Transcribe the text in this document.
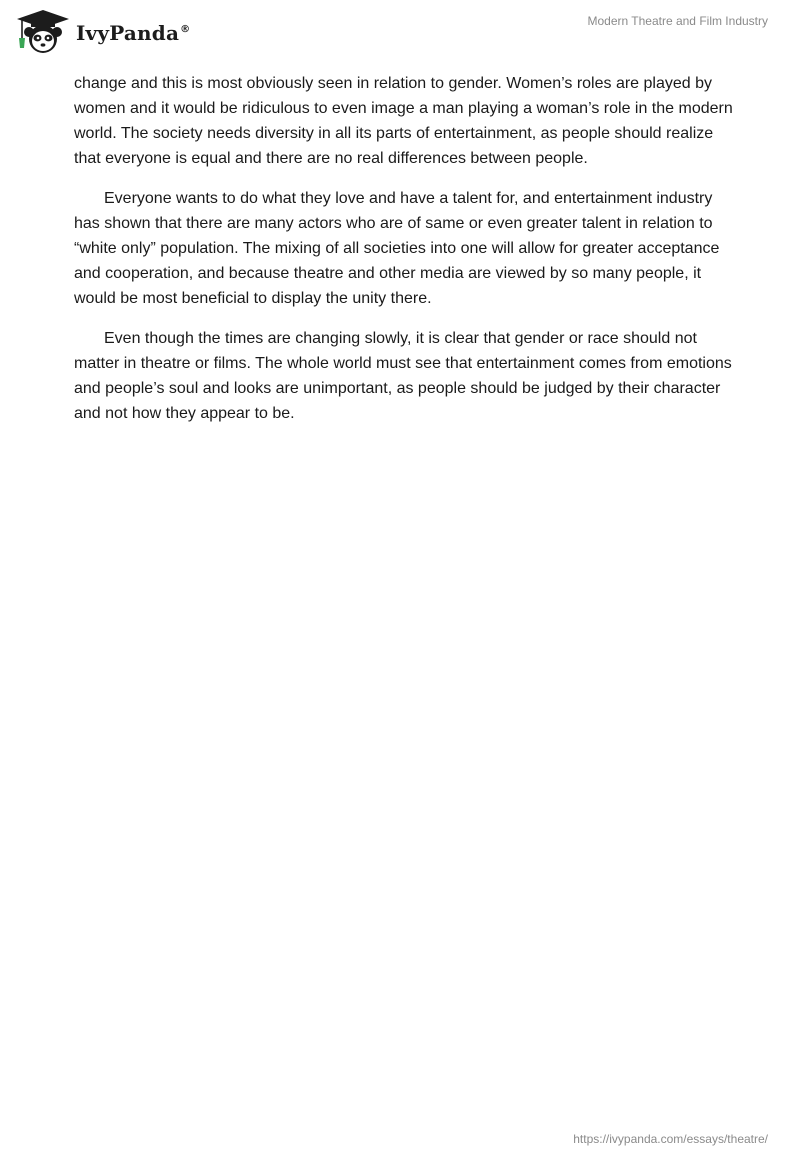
IvyPanda®
Modern Theatre and Film Industry

change and this is most obviously seen in relation to gender. Women’s roles are played by women and it would be ridiculous to even image a man playing a woman’s role in the modern world. The society needs diversity in all its parts of entertainment, as people should realize that everyone is equal and there are no real differences between people.

Everyone wants to do what they love and have a talent for, and entertainment industry has shown that there are many actors who are of same or even greater talent in relation to “white only” population. The mixing of all societies into one will allow for greater acceptance and cooperation, and because theatre and other media are viewed by so many people, it would be most beneficial to display the unity there.

Even though the times are changing slowly, it is clear that gender or race should not matter in theatre or films. The whole world must see that entertainment comes from emotions and people’s soul and looks are unimportant, as people should be judged by their character and not how they appear to be.

https://ivypanda.com/essays/theatre/
